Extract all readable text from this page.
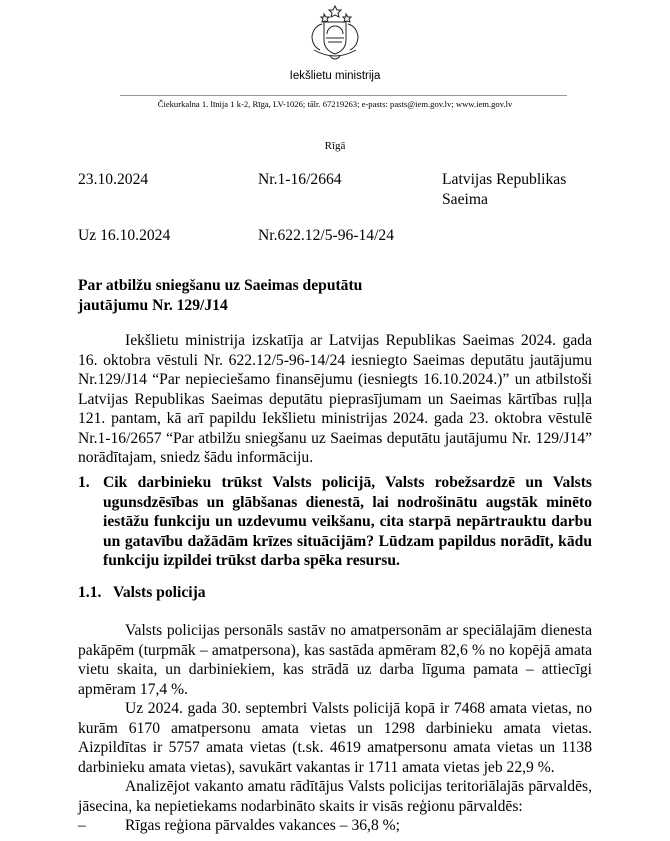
Iekšlietu ministrija
Čiekurkalna 1. līnija 1 k-2, Rīga, LV-1026; tālr. 67219263; e-pasts: pasts@iem.gov.lv; www.iem.gov.lv
Rīgā
23.10.2024	Nr.1-16/2664	Latvijas Republikas
Saeima
Uz 16.10.2024	Nr.622.12/5-96-14/24
Par atbilžu sniegšanu uz Saeimas deputātu
jautājumu Nr. 129/J14
Iekšlietu ministrija izskatīja ar Latvijas Republikas Saeimas 2024. gada 16. oktobra vēstuli Nr. 622.12/5-96-14/24 iesniegto Saeimas deputātu jautājumu Nr.129/J14 “Par nepieciešamo finansējumu (iesniegts 16.10.2024.)” un atbilstoši Latvijas Republikas Saeimas deputātu pieprasījumam un Saeimas kārtības ruļļa 121. pantam, kā arī papildu Iekšlietu ministrijas 2024. gada 23. oktobra vēstulē Nr.1-16/2657 “Par atbilžu sniegšanu uz Saeimas deputātu jautājumu Nr. 129/J14” norādītajam, sniedz šādu informāciju.
1. Cik darbinieku trūkst Valsts policijā, Valsts robežsardzē un Valsts ugunsdzēsības un glābšanas dienestā, lai nodrošinātu augstāk minēto iestāžu funkciju un uzdevumu veikšanu, cita starpā nepārtrauktu darbu un gatavību dažādām krīzes situācijām? Lūdzam papildus norādīt, kādu funkciju izpildei trūkst darba spēka resursu.
1.1. Valsts policija
Valsts policijas personāls sastāv no amatpersonām ar speciālajām dienesta pakāpēm (turpmāk – amatpersona), kas sastāda apmēram 82,6 % no kopējā amata vietu skaita, un darbiniekiem, kas strādā uz darba līguma pamata – attiecīgi apmēram 17,4 %.
Uz 2024. gada 30. septembri Valsts policijā kopā ir 7468 amata vietas, no kurām 6170 amatpersonu amata vietas un 1298 darbinieku amata vietas. Aizpildītas ir 5757 amata vietas (t.sk. 4619 amatpersonu amata vietas un 1138 darbinieku amata vietas), savukārt vakantas ir 1711 amata vietas jeb 22,9 %.
Analizējot vakanto amatu rādītājus Valsts policijas teritoriālajās pārvaldēs, jāsecina, ka nepietiekams nodarbināto skaits ir visās reģionu pārvaldēs:
–	Rīgas reģiona pārvaldes vakances – 36,8 %;
